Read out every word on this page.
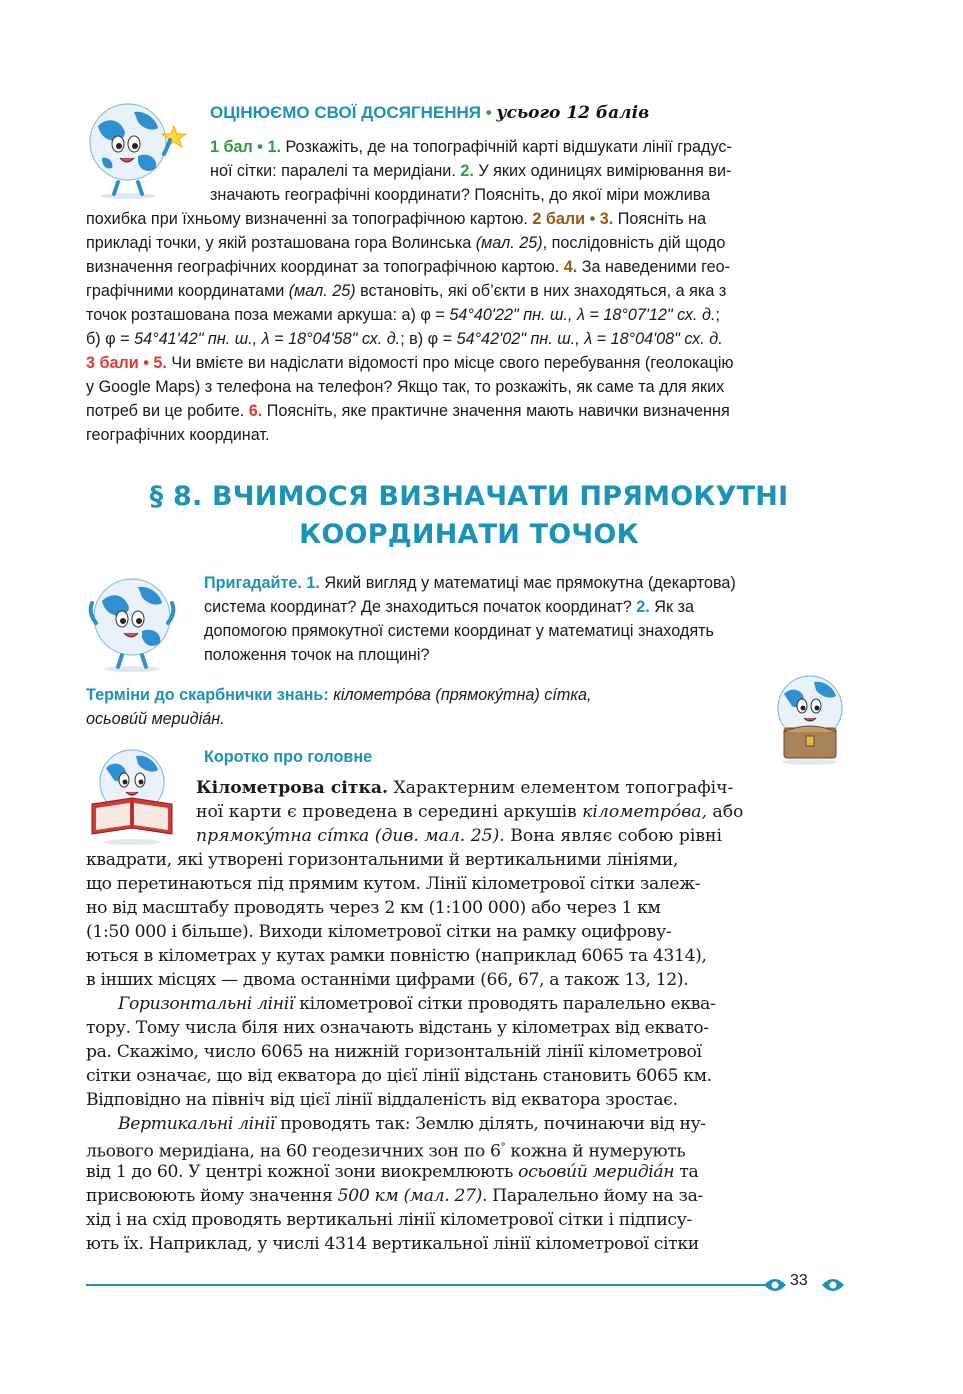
ОЦІНЮЄМО СВОЇ ДОСЯГНЕННЯ • усього 12 балів
1 бал • 1. Розкажіть, де на топографічній карті відшукати лінії градус-
ної сітки: паралелі та меридіани. 2. У яких одиницях вимірювання ви-
значають географічні координати? Поясніть, до якої міри можлива
похибка при їхньому визначенні за топографічною картою. 2 бали • 3. Поясніть на
прикладі точки, у якій розташована гора Волинська (мал. 25), послідовність дій щодо
визначення географічних координат за топографічною картою. 4. За наведеними гео-
графічними координатами (мал. 25) встановіть, які об’єкти в них знаходяться, а яка з
точок розташована поза межами аркуша: а) φ = 54°40'22" пн. ш., λ = 18°07'12" сх. д.;
б) φ = 54°41'42" пн. ш., λ = 18°04'58" сх. д.; в) φ = 54°42'02" пн. ш., λ = 18°04'08" сх. д.
3 бали • 5. Чи вмієте ви надіслати відомості про місце свого перебування (геолокацію
у Google Maps) з телефона на телефон? Якщо так, то розкажіть, як саме та для яких
потреб ви це робите. 6. Поясніть, яке практичне значення мають навички визначення
географічних координат.
§ 8. ВЧИМОСЯ ВИЗНАЧАТИ ПРЯМОКУТНІ
КООРДИНАТИ ТОЧОК
Пригадайте. 1. Який вигляд у математиці має прямокутна (декартова)
система координат? Де знаходиться початок координат? 2. Як за
допомогою прямокутної системи координат у математиці знаходять
положення точок на площині?
Терміни до скарбнички знань: кілометрóва (прямокýтна) сíтка,
осьовúй меридіáн.
Коротко про головне
Кілометрова сітка. Характерним елементом топографіч-
ної карти є проведена в середині аркушів кілометрóва, або
прямокýтна сíтка (див. мал. 25). Вона являє собою рівні
квадрати, які утворені горизонтальними й вертикальними лініями,
що перетинаються під прямим кутом. Лінії кілометрової сітки залеж-
но від масштабу проводять через 2 км (1:100 000) або через 1 км
(1:50 000 і більше). Виходи кілометрової сітки на рамку оцифрову-
ються в кілометрах у кутах рамки повністю (наприклад 6065 та 4314),
в інших місцях — двома останніми цифрами (66, 67, а також 13, 12).
Горизонтальні лінії кілометрової сітки проводять паралельно еква-
тору. Тому числа біля них означають відстань у кілометрах від еквато-
ра. Скажімо, число 6065 на нижній горизонтальній лінії кілометрової
сітки означає, що від екватора до цієї лінії відстань становить 6065 км.
Відповідно на північ від цієї лінії віддаленість від екватора зростає.
Вертикальні лінії проводять так: Землю ділять, починаючи від ну-
льового меридіана, на 60 геодезичних зон по 6° кожна й нумерують
від 1 до 60. У центрі кожної зони виокремлюють осьовúй меридіáн та
присвоюють йому значення 500 км (мал. 27). Паралельно йому на за-
хід і на схід проводять вертикальні лінії кілометрової сітки і підпису-
ють їх. Наприклад, у числі 4314 вертикальної лінії кілометрової сітки
33
